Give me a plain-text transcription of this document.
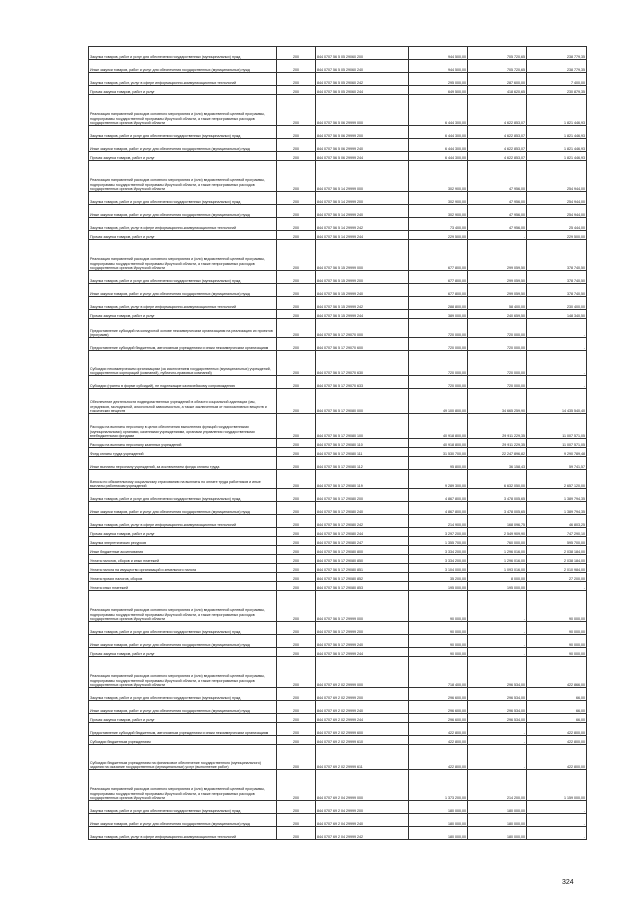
Закупка товаров, работ и услуг для обеспечения государственных (муниципальных) нужд	200	844 0707 56 5 05 29060 200	944 500,00	705 720,65	238 779,35
Иные закупки товаров, работ и услуг для обеспечения государственных (муниципальных) нужд	200	844 0707 56 5 05 29060 240	944 500,00	705 720,65	238 779,35
Закупка товаров, работ, услуг в сфере информационно-коммуникационных технологий	200	844 0707 56 5 05 29060 242	295 000,00	287 600,00	7 400,00
Прочая закупка товаров, работ и услуг	200	844 0707 56 5 05 29060 244	649 500,00	418 620,65	230 879,35
Реализация направлений расходов основного мероприятия и (или) ведомственной целевой программы, подпрограммы государственной программы Иркутской области, а также непрограммных расходов государственных органов Иркутской области	200	844 0707 56 5 06 29999 000	6 444 300,00	4 622 853,07	1 821 446,93
Закупка товаров, работ и услуг для обеспечения государственных (муниципальных) нужд	200	844 0707 56 5 06 29999 200	6 444 300,00	4 622 853,07	1 821 446,93
Иные закупки товаров, работ и услуг для обеспечения государственных (муниципальных) нужд	200	844 0707 56 5 06 29999 240	6 444 300,00	4 622 853,07	1 821 446,93
Прочая закупка товаров, работ и услуг	200	844 0707 56 5 06 29999 244	6 444 300,00	4 622 853,07	1 821 446,93
Реализация направлений расходов основного мероприятия и (или) ведомственной целевой программы, подпрограммы государственной программы Иркутской области, а также непрограммных расходов государственных органов Иркутской области	200	844 0707 56 5 14 29999 000	302 900,00	47 956,00	254 944,00
Закупка товаров, работ и услуг для обеспечения государственных (муниципальных) нужд	200	844 0707 56 5 14 29999 200	302 900,00	47 956,00	254 944,00
Иные закупки товаров, работ и услуг для обеспечения государственных (муниципальных) нужд	200	844 0707 56 5 14 29999 240	302 900,00	47 956,00	254 944,00
Закупка товаров, работ, услуг в сфере информационно-коммуникационных технологий	200	844 0707 56 5 14 29999 242	73 400,00	47 956,00	25 444,00
Прочая закупка товаров, работ и услуг	200	844 0707 56 5 14 29999 244	229 500,00	-	229 500,00
Реализация направлений расходов основного мероприятия и (или) ведомственной целевой программы, подпрограммы государственной программы Иркутской области, а также непрограммных расходов государственных органов Иркутской области	200	844 0707 56 5 15 29999 000	677 800,00	299 059,50	378 740,50
Закупка товаров, работ и услуг для обеспечения государственных (муниципальных) нужд	200	844 0707 56 5 15 29999 200	677 800,00	299 059,50	378 740,50
Иные закупки товаров, работ и услуг для обеспечения государственных (муниципальных) нужд	200	844 0707 56 5 15 29999 240	677 800,00	299 059,50	378 740,50
Закупка товаров, работ, услуг в сфере информационно-коммуникационных технологий	200	844 0707 56 5 15 29999 242	288 800,00	58 400,00	230 400,00
Прочая закупка товаров, работ и услуг	200	844 0707 56 5 15 29999 244	389 000,00	240 659,50	148 340,50
Предоставление субсидий на конкурсной основе некоммерческим организациям на реализацию их проектов (программ)	200	844 0707 56 5 17 29070 000	720 000,00	720 000,00	-
Предоставление субсидий бюджетным, автономным учреждениям и иным некоммерческим организациям	200	844 0707 56 5 17 29070 600	720 000,00	720 000,00	-
Субсидии некоммерческим организациям (за исключением государственных (муниципальных) учреждений, государственных корпораций (компаний), публично-правовых компаний)	200	844 0707 56 5 17 29070 630	720 000,00	720 000,00	-
Субсидии (гранты в форме субсидий), не подлежащие казначейскому сопровождению	200	844 0707 56 5 17 29070 633	720 000,00	720 000,00	-
Обеспечение деятельности подведомственных учреждений в области социальной адаптации (мы, отрядников, молодежной, алкогольной зависимостью, а также заключенным от психоактивных веществ и токсических веществ	200	844 0707 56 5 17 29080 000	49 100 800,00	34 665 259,90	14 435 540,40
Расходы на выплаты персоналу в целях обеспечения выполнения функций государственными (муниципальными) органами, казенными учреждениями, органами управления государственными внебюджетными фондами	200	844 0707 56 5 17 29080 100	40 918 800,00	29 911 229,35	11 007 571,05
Расходы на выплаты персоналу казенных учреждений	200	844 0707 56 5 17 29080 110	40 918 800,00	29 911 229,35	11 007 571,05
Фонд оплаты труда учреждений	200	844 0707 56 5 17 29080 111	31 530 700,00	22 247 896,82	9 290 789,48
Иные выплаты персоналу учреждений, за исключением фонда оплаты труда	200	844 0707 56 5 17 29080 112	95 800,00	36 158,43	59 741,57
Взносы по обязательному социальному страхованию на выплаты по оплате труда работников и иные выплаты работникам учреждений	200	844 0707 56 5 17 29080 119	9 289 300,00	6 632 050,00	2 657 120,00
Закупка товаров, работ и услуг для обеспечения государственных (муниципальных) нужд	200	844 0707 56 5 17 29080 200	4 867 800,00	3 478 005,65	1 389 794,35
Иные закупки товаров, работ и услуг для обеспечения государственных (муниципальных) нужд	200	844 0707 56 5 17 29080 240	4 867 800,00	3 478 005,65	1 389 794,35
Закупка товаров, работ, услуг в сфере информационно-коммуникационных технологий	200	844 0707 56 5 17 29080 242	214 900,00	168 096,75	46 803,25
Прочая закупка товаров, работ и услуг	200	844 0707 56 5 17 29080 244	3 297 200,00	2 549 909,90	747 290,10
Закупка энергетических ресурсов	200	844 0707 56 5 17 29080 247	1 355 700,00	760 000,00	595 700,00
Иные бюджетные ассигнования	200	844 0707 56 5 17 29080 800	3 334 200,00	1 296 016,00	2 038 184,00
Уплата налогов, сборов и иных платежей	200	844 0707 56 5 17 29080 850	3 334 200,00	1 296 016,00	2 038 184,00
Уплата налога на имущество организаций и земельного налога	200	844 0707 56 5 17 29080 851	3 104 000,00	1 093 016,00	2 010 984,00
Уплата прочих налогов, сборов	200	844 0707 56 5 17 29080 852	35 200,00	8 000,00	27 200,00
Уплата иных платежей	200	844 0707 56 5 17 29080 853	195 000,00	195 000,00	-
Реализация направлений расходов основного мероприятия и (или) ведомственной целевой программы, подпрограммы государственной программы Иркутской области, а также непрограммных расходов государственных органов Иркутской области	200	844 0707 56 5 17 29999 000	90 000,00	-	90 000,00
Закупка товаров, работ и услуг для обеспечения государственных (муниципальных) нужд	200	844 0707 56 5 17 29999 200	90 000,00	-	90 000,00
Иные закупки товаров, работ и услуг для обеспечения государственных (муниципальных) нужд	200	844 0707 56 5 17 29999 240	90 000,00	-	90 000,00
Прочая закупка товаров, работ и услуг	200	844 0707 56 5 17 29999 244	90 000,00	-	90 000,00
Реализация направлений расходов основного мероприятия и (или) ведомственной целевой программы, подпрограммы государственной программы Иркутской области, а также непрограммных расходов государственных органов Иркутской области	200	844 0707 69 2 02 29999 000	718 400,00	296 534,00	422 866,00
Закупка товаров, работ и услуг для обеспечения государственных (муниципальных) нужд	200	844 0707 69 2 02 29999 200	296 600,00	296 534,00	66,00
Иные закупки товаров, работ и услуг для обеспечения государственных (муниципальных) нужд	200	844 0707 69 2 02 29999 240	296 600,00	296 534,00	66,00
Прочая закупка товаров, работ и услуг	200	844 0707 69 2 02 29999 244	296 600,00	296 534,00	66,00
Предоставление субсидий бюджетным, автономным учреждениям и иным некоммерческим организациям	200	844 0707 69 2 02 29999 600	422 800,00	-	422 800,00
Субсидии бюджетным учреждениям	200	844 0707 69 2 02 29999 610	422 800,00	-	422 800,00
Субсидии бюджетным учреждениям на финансовое обеспечение государственного (муниципального) задания на оказание государственных (муниципальных) услуг (выполнение работ)	200	844 0707 69 2 02 29999 611	422 800,00	-	422 800,00
Реализация направлений расходов основного мероприятия и (или) ведомственной целевой программы, подпрограммы государственной программы Иркутской области, а также непрограммных расходов государственных органов Иркутской области	200	844 0707 69 2 04 29999 000	1 373 200,00	214 200,00	1 159 000,00
Закупка товаров, работ и услуг для обеспечения государственных (муниципальных) нужд	200	844 0707 69 2 04 29999 200	180 000,00	180 000,00	-
Иные закупки товаров, работ и услуг для обеспечения государственных (муниципальных) нужд	200	844 0707 69 2 04 29999 240	180 000,00	180 000,00	-
Закупка товаров, работ, услуг в сфере информационно-коммуникационных технологий	200	844 0707 69 2 04 29999 242	180 000,00	180 000,00	-
324
